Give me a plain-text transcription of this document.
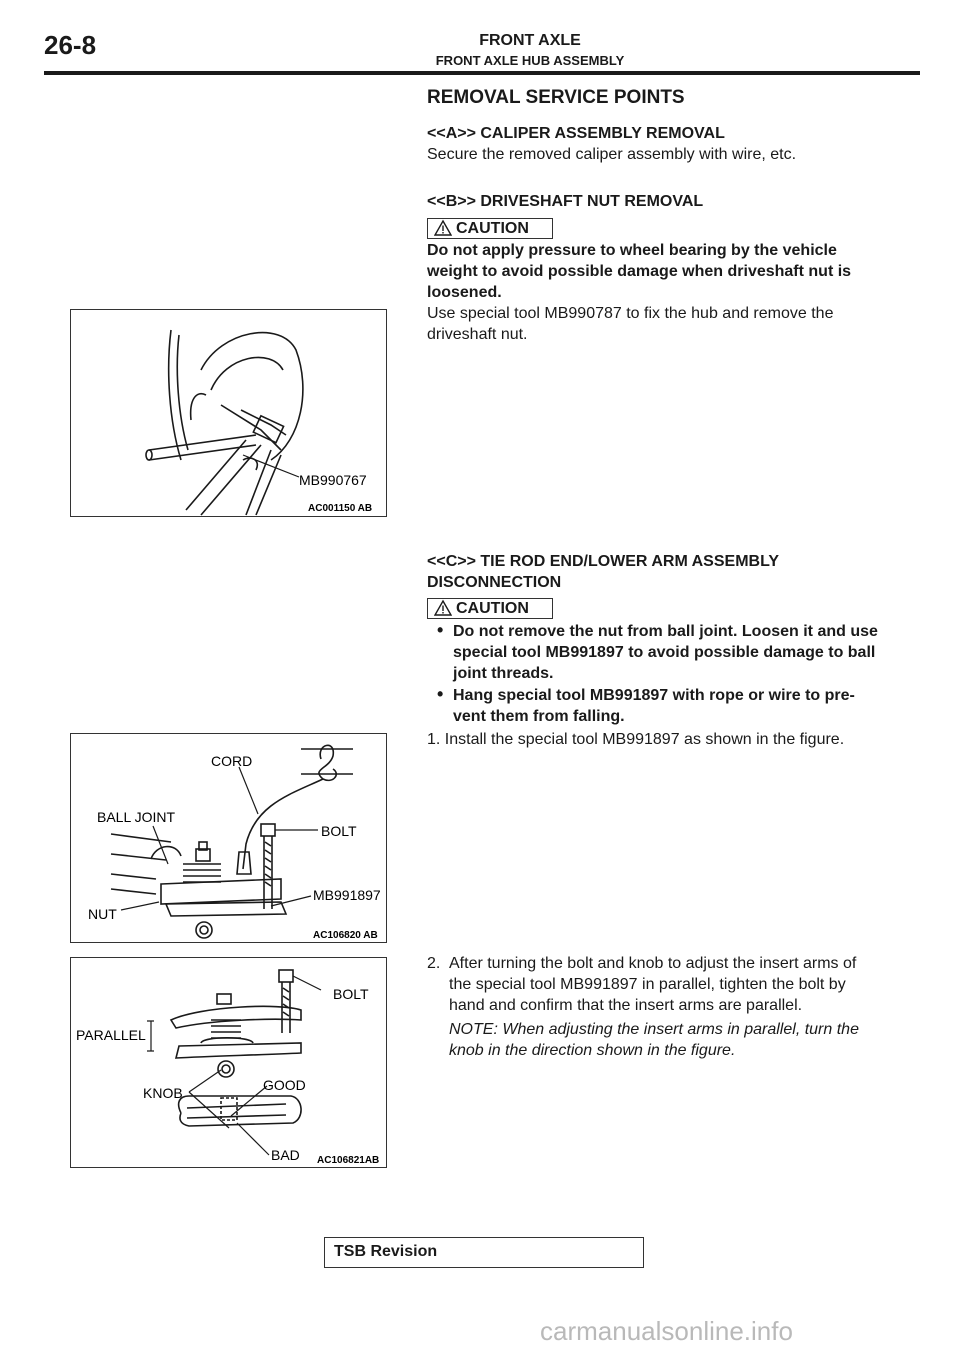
26-8	FRONT AXLE
FRONT AXLE HUB ASSEMBLY
REMOVAL SERVICE POINTS
<<A>> CALIPER ASSEMBLY REMOVAL
Secure the removed caliper assembly with wire, etc.
<<B>> DRIVESHAFT NUT REMOVAL
CAUTION
Do not apply pressure to wheel bearing by the vehicle
weight to avoid possible damage when driveshaft nut is
loosened.
Use special tool MB990787 to fix the hub and remove the
driveshaft nut.
MB990767
AC001150 AB
<<C>> TIE ROD END/LOWER ARM ASSEMBLY
DISCONNECTION
CAUTION
• Do not remove the nut from ball joint. Loosen it and use
special tool MB991897 to avoid possible damage to ball
joint threads.
• Hang special tool MB991897 with rope or wire to pre-
vent them from falling.
1. Install the special tool MB991897 as shown in the figure.
CORD
BALL JOINT
BOLT
MB991897
NUT
AC106820 AB
2. After turning the bolt and knob to adjust the insert arms of
the special tool MB991897 in parallel, tighten the bolt by
hand and confirm that the insert arms are parallel.
NOTE: When adjusting the insert arms in parallel, turn the
knob in the direction shown in the figure.
BOLT
PARALLEL
KNOB	GOOD
BAD AC106821AB
TSB Revision
carmanualsonline.info
